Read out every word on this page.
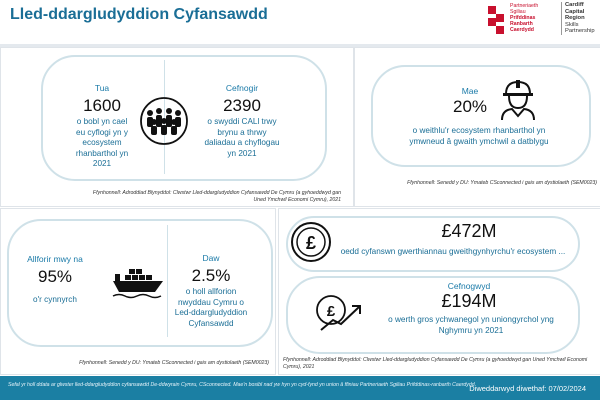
Lled-ddargludyddion Cyfansawdd	Partneriaeth
Sgiliau
Prifddinas
Ranbarth
Caerdydd
Cardiff
Capital
Region
Skills
Partnership
Tua
1600
o bobl yn cael
eu cyflogi yn y
ecosystem
rhanbarthol yn
2021
Cefnogir
2390
o swyddi CALl trwy
brynu a thrwy
daliadau a chyflogau
yn 2021
Ffynhonnell: Adroddiad Blynyddol: Clwstwr Lled-ddargludyddion Cyfansawdd De Cymru (a gyhoeddwyd gan
Uned Ymchwil Economi Cymru), 2021
Mae
20%
o weithlu'r ecosystem rhanbarthol yn
ymwneud â gwaith ymchwil a datblygu
Ffynhonnell: Senedd y DU: Ymateb CSconnected i gais am dystiolaeth (SEM0023)
Allforir mwy na
95%
o'r cynnyrch
Daw
2.5%
o holl allforion
nwyddau Cymru o
Led-ddargludyddion
Cyfansawdd
Ffynhonnell: Senedd y DU: Ymateb CSconnected i gais am dystiolaeth (SEM0023)
£
£472M
oedd cyfanswn gwerthiannau gweithgynhyrchu'r ecosystem ...
£
Cefnogwyd
£194M
o werth gros ychwanegol yn uniongyrchol yng
Nghymru yn 2021
Ffynhonnell: Adroddiad Blynyddol: Clwstwr Lled-ddargludyddion Cyfansawdd De Cymru (a gyhoeddwyd gan Uned Ymchwil Economi
Cymru), 2021
Sefal yr holl ddata ar glwster lled-ddargludyddion cyfansawdd De-ddwyrain Cymru, CSconnected. Mae'n bosibl nad yw hyn yn cyd-fynd yn union â ffiniau Partneriaeth Sgiliau Prifddinas-ranbarth Caerdydd
Diweddarwyd diwethaf: 07/02/2024
